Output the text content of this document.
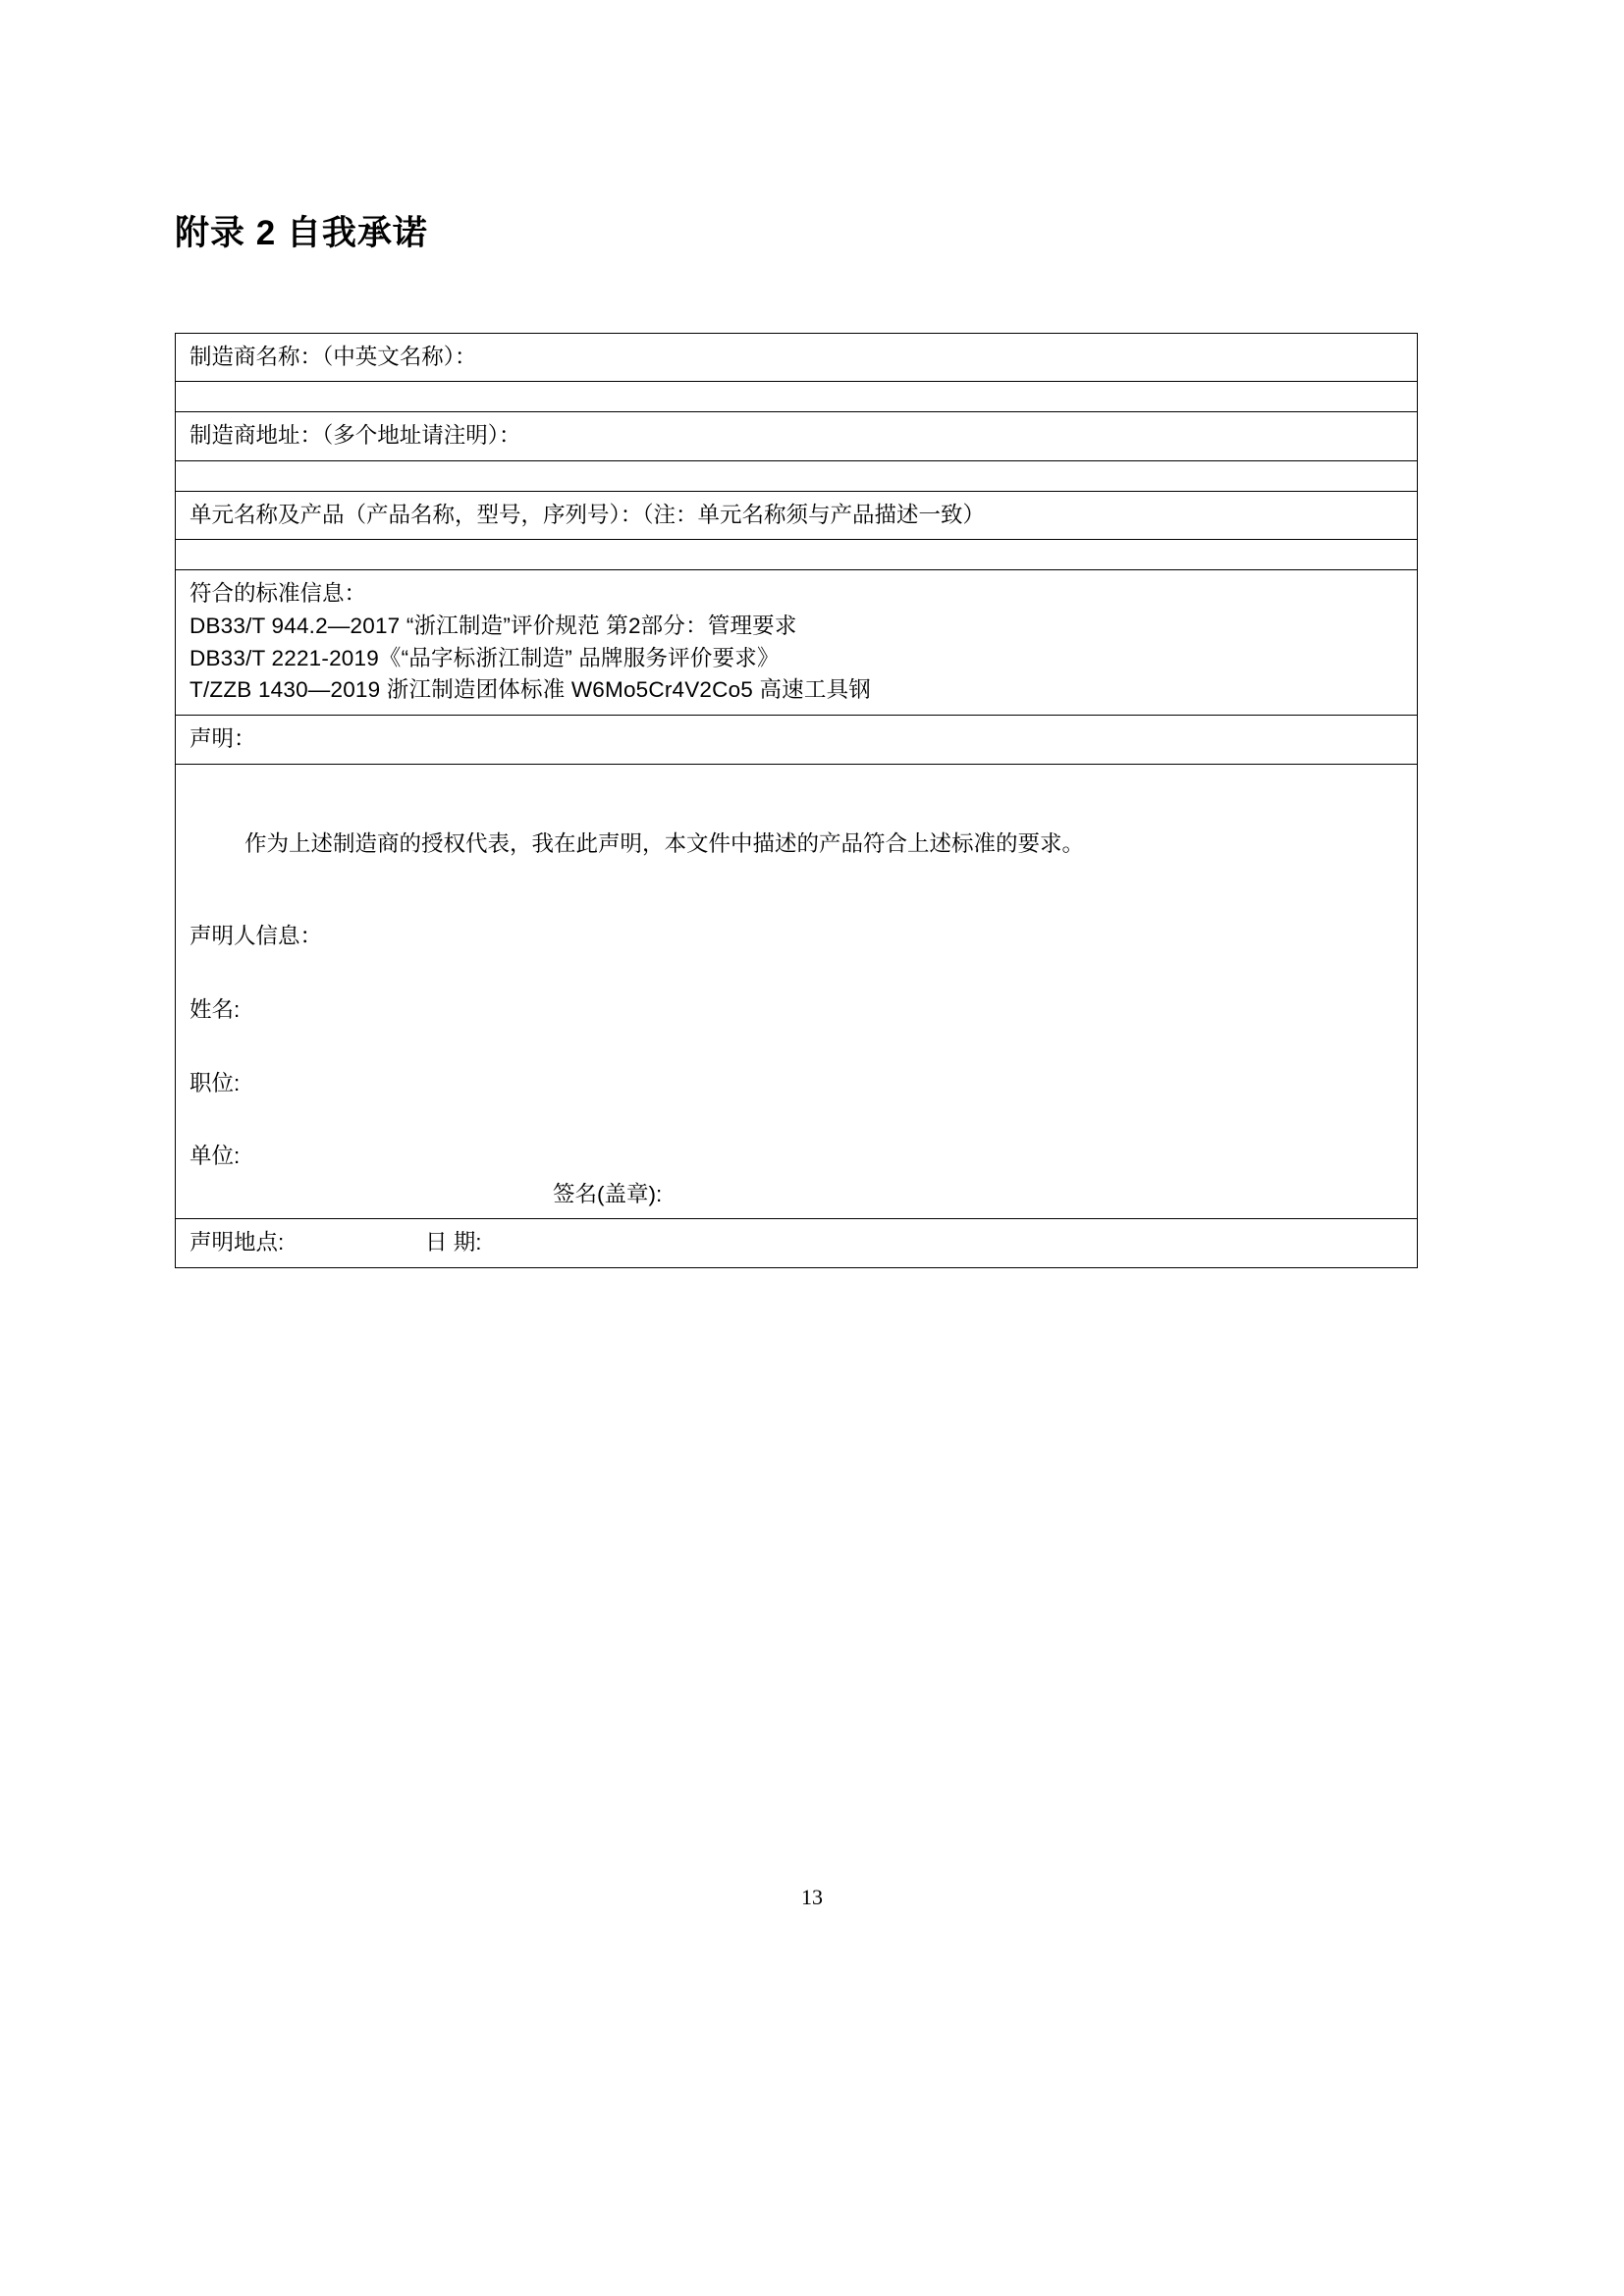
附录 2 自我承诺
制造商名称：（中英文名称）：

制造商地址：（多个地址请注明）：

单元名称及产品（产品名称，型号，序列号）：（注：单元名称须与产品描述一致）

符合的标准信息：
DB33/T 944.2—2017 “浙江制造”评价规范 第2部分：管理要求
DB33/T 2221-2019《“品字标浙江制造” 品牌服务评价要求》
T/ZZB 1430—2019 浙江制造团体标准 W6Mo5Cr4V2Co5 高速工具钢

声明：

作为上述制造商的授权代表，我在此声明，本文件中描述的产品符合上述标准的要求。
声明人信息：
姓名:
职位:
单位:
签名(盖章):

声明地点:	日 期:
13
